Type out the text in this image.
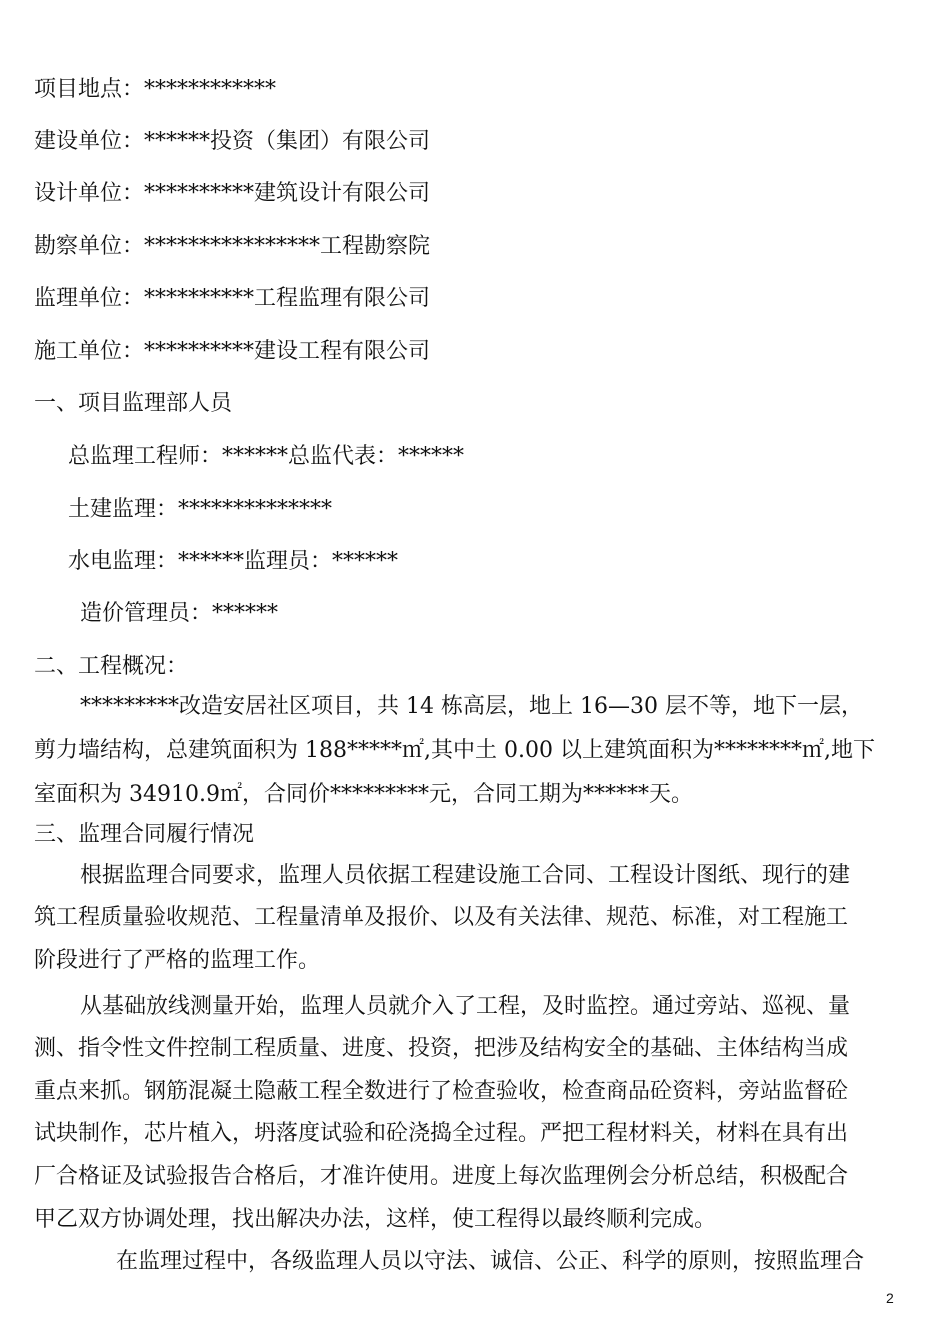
项目地点：************
建设单位：******投资（集团）有限公司
设计单位：**********建筑设计有限公司
勘察单位：****************工程勘察院
监理单位：**********工程监理有限公司
施工单位：**********建设工程有限公司
一、项目监理部人员
总监理工程师：******总监代表：******
土建监理：**************
水电监理：******监理员：******
造价管理员：******
二、工程概况：
*********改造安居社区项目，共 14 栋高层，地上 16—30 层不等，地下一层，
剪力墙结构，总建筑面积为 188*****㎡,其中土 0.00 以上建筑面积为********㎡,地下
室面积为 34910.9㎡，合同价*********元，合同工期为******天。
三、监理合同履行情况
根据监理合同要求，监理人员依据工程建设施工合同、工程设计图纸、现行的建
筑工程质量验收规范、工程量清单及报价、以及有关法律、规范、标准，对工程施工
阶段进行了严格的监理工作。
从基础放线测量开始，监理人员就介入了工程，及时监控。通过旁站、巡视、量
测、指令性文件控制工程质量、进度、投资，把涉及结构安全的基础、主体结构当成
重点来抓。钢筋混凝土隐蔽工程全数进行了检查验收，检查商品砼资料，旁站监督砼
试块制作，芯片植入，坍落度试验和砼浇捣全过程。严把工程材料关，材料在具有出
厂合格证及试验报告合格后，才准许使用。进度上每次监理例会分析总结，积极配合
甲乙双方协调处理，找出解决办法，这样，使工程得以最终顺利完成。
在监理过程中，各级监理人员以守法、诚信、公正、科学的原则，按照监理合
2
